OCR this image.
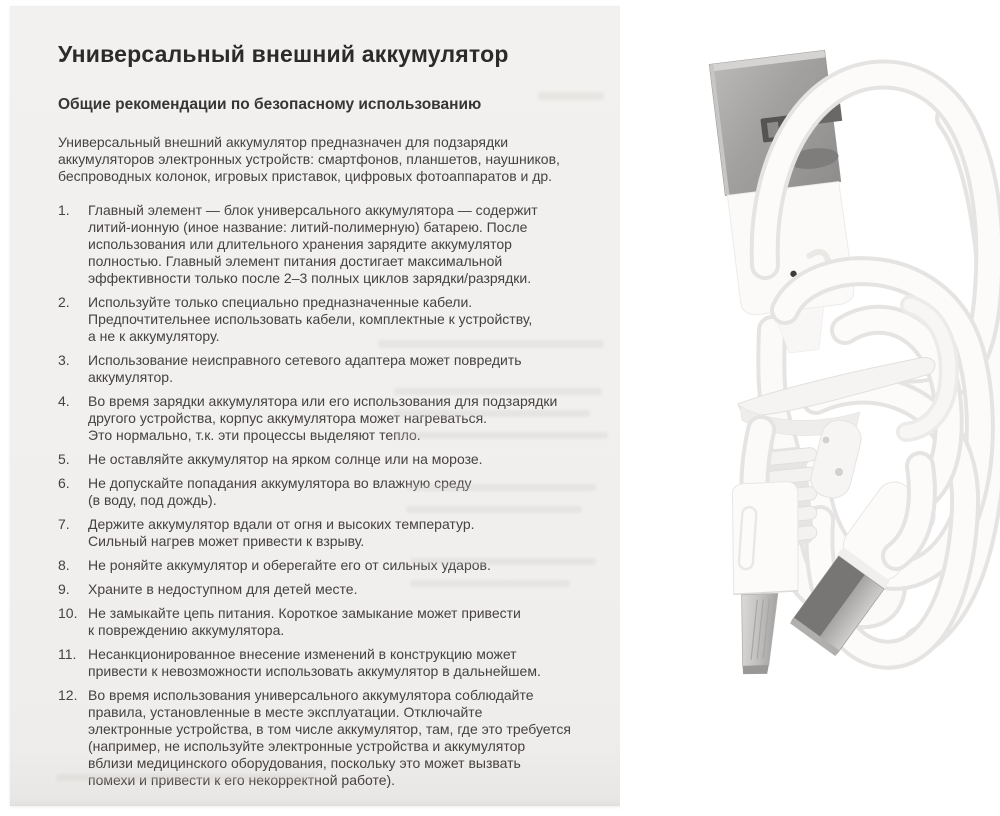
Универсальный внешний аккумулятор
Общие рекомендации по безопасному использованию
Универсальный внешний аккумулятор предназначен для подзарядки
аккумуляторов электронных устройств: смартфонов, планшетов, наушников,
беспроводных колонок, игровых приставок, цифровых фотоаппаратов и др.
1.	Главный элемент — блок универсального аккумулятора — содержит
литий-ионную (иное название: литий-полимерную) батарею. После
использования или длительного хранения зарядите аккумулятор
полностью. Главный элемент питания достигает максимальной
эффективности только после 2–3 полных циклов зарядки/разрядки.
2.	Используйте только специально предназначенные кабели.
Предпочтительнее использовать кабели, комплектные к устройству,
а не к аккумулятору.
3.	Использование неисправного сетевого адаптера может повредить
аккумулятор.
4.	Во время зарядки аккумулятора или его использования для подзарядки
другого устройства, корпус аккумулятора может нагреваться.
Это нормально, т.к. эти процессы выделяют тепло.
5.	Не оставляйте аккумулятор на ярком солнце или на морозе.
6.	Не допускайте попадания аккумулятора во влажную среду
(в воду, под дождь).
7.	Держите аккумулятор вдали от огня и высоких температур.
Сильный нагрев может привести к взрыву.
8.	Не роняйте аккумулятор и оберегайте его от сильных ударов.
9.	Храните в недоступном для детей месте.
10. Не замыкайте цепь питания. Короткое замыкание может привести
к повреждению аккумулятора.
11. Несанкционированное внесение изменений в конструкцию может
привести к невозможности использовать аккумулятор в дальнейшем.
12. Во время использования универсального аккумулятора соблюдайте
правила, установленные в месте эксплуатации. Отключайте
электронные устройства, в том числе аккумулятор, там, где это требуется
(например, не используйте электронные устройства и аккумулятор
вблизи медицинского оборудования, поскольку это может вызвать
помехи и привести к его некорректной работе).
